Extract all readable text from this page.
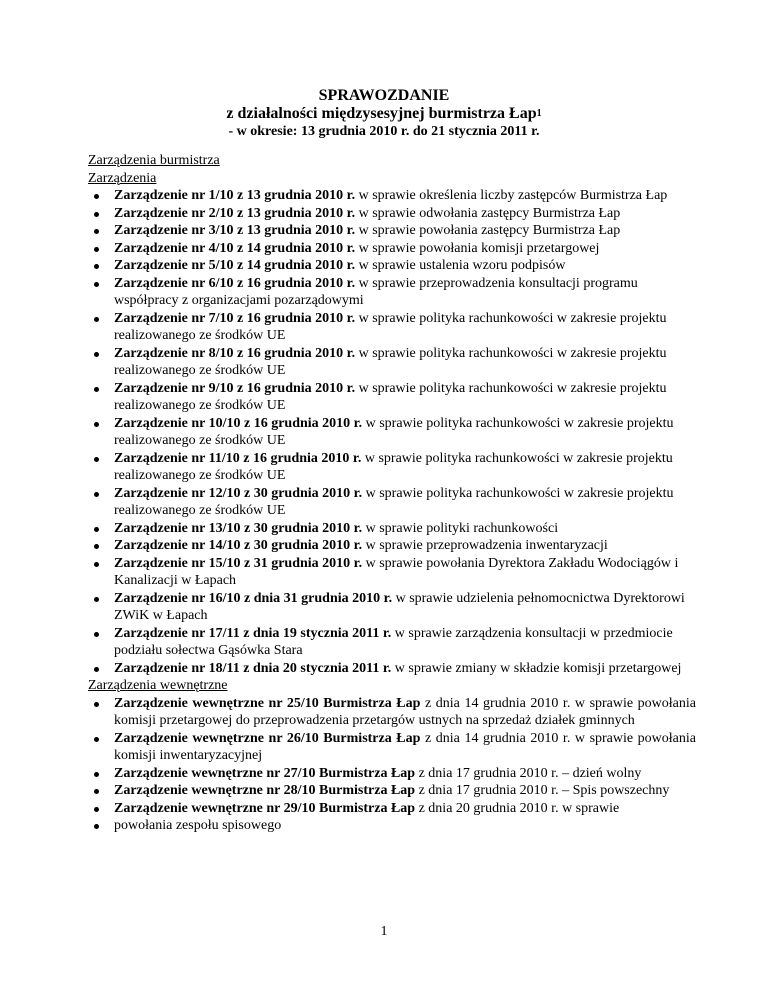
SPRAWOZDANIE
z działalności międzysesyjnej burmistrza Łap$^1$
- w okresie: 13 grudnia 2010 r. do 21 stycznia 2011 r.
Zarządzenia burmistrza
Zarządzenia
Zarządzenie nr 1/10 z 13 grudnia 2010 r. w sprawie określenia liczby zastępców Burmistrza Łap
Zarządzenie nr 2/10 z 13 grudnia 2010 r. w sprawie odwołania zastępcy Burmistrza Łap
Zarządzenie nr 3/10 z 13 grudnia 2010 r. w sprawie powołania zastępcy Burmistrza Łap
Zarządzenie nr 4/10 z 14 grudnia 2010 r. w sprawie powołania komisji przetargowej
Zarządzenie nr 5/10 z 14 grudnia 2010 r. w sprawie ustalenia wzoru podpisów
Zarządzenie nr 6/10 z 16 grudnia 2010 r. w sprawie przeprowadzenia konsultacji programu współpracy z organizacjami pozarządowymi
Zarządzenie nr 7/10 z 16 grudnia 2010 r. w sprawie polityka rachunkowości w zakresie projektu realizowanego ze środków UE
Zarządzenie nr 8/10 z 16 grudnia 2010 r. w sprawie polityka rachunkowości w zakresie projektu realizowanego ze środków UE
Zarządzenie nr 9/10 z 16 grudnia 2010 r. w sprawie polityka rachunkowości w zakresie projektu realizowanego ze środków UE
Zarządzenie nr 10/10 z 16 grudnia 2010 r. w sprawie polityka rachunkowości w zakresie projektu realizowanego ze środków UE
Zarządzenie nr 11/10 z 16 grudnia 2010 r. w sprawie polityka rachunkowości w zakresie projektu realizowanego ze środków UE
Zarządzenie nr 12/10 z 30 grudnia 2010 r. w sprawie polityka rachunkowości w zakresie projektu realizowanego ze środków UE
Zarządzenie nr 13/10 z 30 grudnia 2010 r. w sprawie polityki rachunkowości
Zarządzenie nr 14/10 z 30 grudnia 2010 r. w sprawie przeprowadzenia inwentaryzacji
Zarządzenie nr 15/10 z 31 grudnia 2010 r. w sprawie powołania Dyrektora Zakładu Wodociągów i Kanalizacji w Łapach
Zarządzenie nr 16/10 z dnia 31 grudnia 2010 r. w sprawie udzielenia pełnomocnictwa Dyrektorowi ZWiK w Łapach
Zarządzenie nr 17/11 z dnia 19 stycznia 2011 r. w sprawie zarządzenia konsultacji w przedmiocie podziału sołectwa Gąsówka Stara
Zarządzenie nr 18/11 z dnia 20 stycznia 2011 r. w sprawie zmiany w składzie komisji przetargowej
Zarządzenia wewnętrzne
Zarządzenie wewnętrzne nr 25/10 Burmistrza Łap z dnia 14 grudnia 2010 r. w sprawie powołania komisji przetargowej do przeprowadzenia przetargów ustnych na sprzedaż działek gminnych
Zarządzenie wewnętrzne nr 26/10 Burmistrza Łap z dnia 14 grudnia 2010 r. w sprawie powołania komisji inwentaryzacyjnej
Zarządzenie wewnętrzne nr 27/10 Burmistrza Łap z dnia 17 grudnia 2010 r. – dzień wolny
Zarządzenie wewnętrzne nr 28/10 Burmistrza Łap z dnia 17 grudnia 2010 r. – Spis powszechny
Zarządzenie wewnętrzne nr 29/10 Burmistrza Łap z dnia 20 grudnia 2010 r. w sprawie
powołania zespołu spisowego
1
